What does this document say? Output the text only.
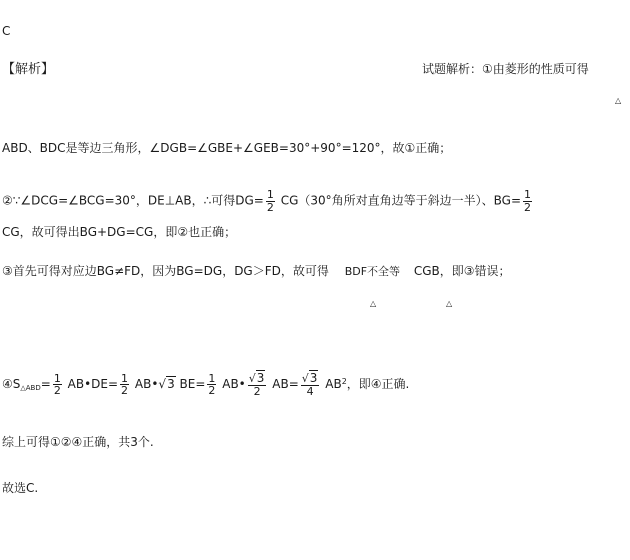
C
【解析】	试题解析：①由菱形的性质可得
△
ABD、BDC是等边三角形，∠DGB=∠GBE+∠GEB=30°+90°=120°，故①正确；
②∵∠DCG=∠BCG=30°，DE⊥AB，∴可得$DG= \frac{1}{2} CG(30^\circ$角所对直角边等于斜边一半）、$BG= \frac{1}{2}$
CG，故可得出BG+DG=CG，即②也正确；
③首先可得对应边BG≠FD，因为BG=DG，DG＞FD，故可得 BDF不全等 CGB，即③错误；
△	△
$④S_{\triangle ABD}= \frac{1}{2}$ AB•DE= $\frac{1}{2}$ AB•√3 $BE= \frac{1}{2}$ AB• $\frac{√3}{2} AB= \frac{√3}{4} AB^2$，即④正确.
综上可得①②④正确，共3个.
故选C.
